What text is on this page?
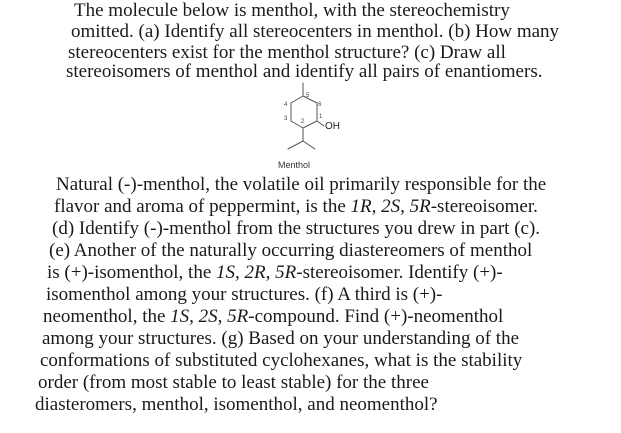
The molecule below is menthol, with the stereochemistry
omitted. (a) Identify all stereocenters in menthol. (b) How many
stereocenters exist for the menthol structure? (c) Draw all
stereoisomers of menthol and identify all pairs of enantiomers.
5
6
1
2
3
4
OH
Menthol
Natural (-)-menthol, the volatile oil primarily responsible for the
flavor and aroma of peppermint, is the 1R, 2S, 5R-stereoisomer.
(d) Identify (-)-menthol from the structures you drew in part (c).
(e) Another of the naturally occurring diastereomers of menthol
is (+)-isomenthol, the 1S, 2R, 5R-stereoisomer. Identify (+)-
isomenthol among your structures. (f) A third is (+)-
neomenthol, the 1S, 2S, 5R-compound. Find (+)-neomenthol
among your structures. (g) Based on your understanding of the
conformations of substituted cyclohexanes, what is the stability
order (from most stable to least stable) for the three
diasteromers, menthol, isomenthol, and neomenthol?
